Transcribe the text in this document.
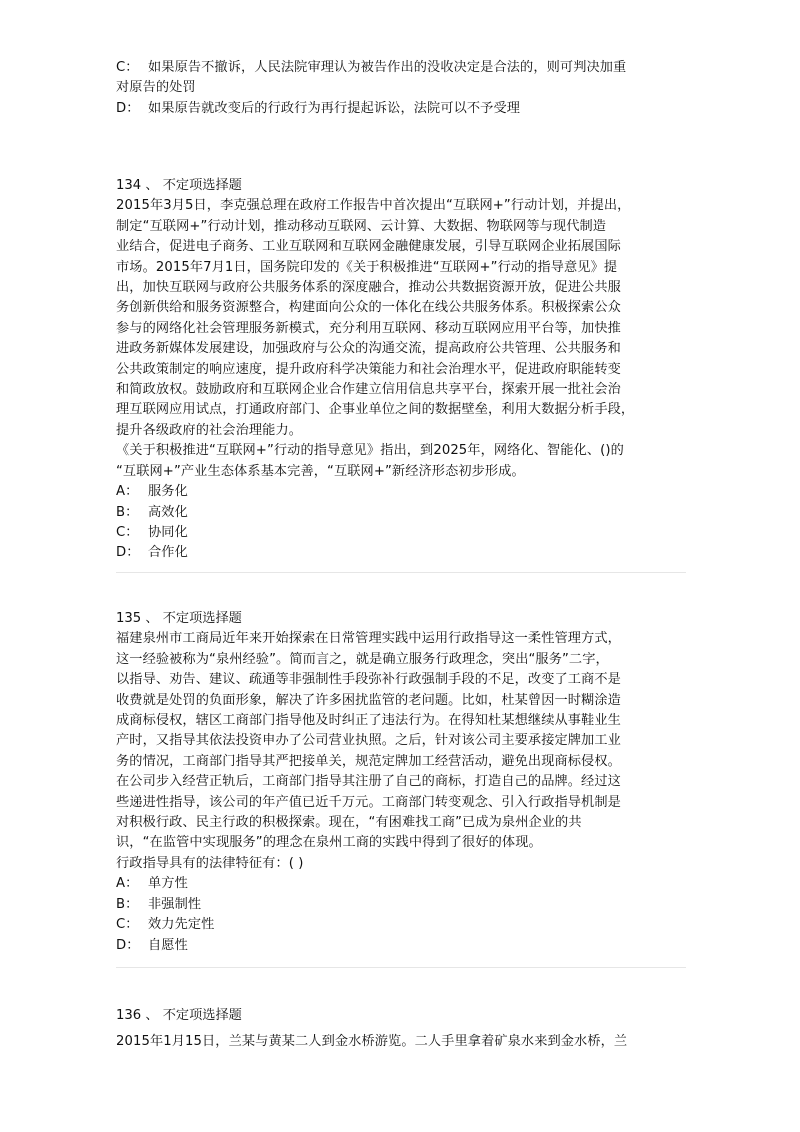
C： 如果原告不撤诉，人民法院审理认为被告作出的没收决定是合法的，则可判决加重
对原告的处罚
D： 如果原告就改变后的行政行为再行提起诉讼，法院可以不予受理
134 、 不定项选择题
2015年3月5日，李克强总理在政府工作报告中首次提出“互联网+”行动计划，并提出，
制定“互联网+”行动计划，推动移动互联网、云计算、大数据、物联网等与现代制造
业结合，促进电子商务、工业互联网和互联网金融健康发展，引导互联网企业拓展国际
市场。2015年7月1日，国务院印发的《关于积极推进“互联网+”行动的指导意见》提
出，加快互联网与政府公共服务体系的深度融合，推动公共数据资源开放，促进公共服
务创新供给和服务资源整合，构建面向公众的一体化在线公共服务体系。积极探索公众
参与的网络化社会管理服务新模式，充分利用互联网、移动互联网应用平台等，加快推
进政务新媒体发展建设，加强政府与公众的沟通交流，提高政府公共管理、公共服务和
公共政策制定的响应速度，提升政府科学决策能力和社会治理水平，促进政府职能转变
和简政放权。鼓励政府和互联网企业合作建立信用信息共享平台，探索开展一批社会治
理互联网应用试点，打通政府部门、企事业单位之间的数据壁垒，利用大数据分析手段，
提升各级政府的社会治理能力。
《关于积极推进“互联网+”行动的指导意见》指出，到2025年，网络化、智能化、()的
“互联网+”产业生态体系基本完善，“互联网+”新经济形态初步形成。
A： 服务化
B： 高效化
C： 协同化
D： 合作化
135 、 不定项选择题
福建泉州市工商局近年来开始探索在日常管理实践中运用行政指导这一柔性管理方式，
这一经验被称为“泉州经验”。简而言之，就是确立服务行政理念，突出“服务”二字，
以指导、劝告、建议、疏通等非强制性手段弥补行政强制手段的不足，改变了工商不是
收费就是处罚的负面形象，解决了许多困扰监管的老问题。比如，杜某曾因一时糊涂造
成商标侵权，辖区工商部门指导他及时纠正了违法行为。在得知杜某想继续从事鞋业生
产时，又指导其依法投资申办了公司营业执照。之后，针对该公司主要承接定牌加工业
务的情况，工商部门指导其严把接单关，规范定牌加工经营活动，避免出现商标侵权。
在公司步入经营正轨后，工商部门指导其注册了自己的商标，打造自己的品牌。经过这
些递进性指导，该公司的年产值已近千万元。工商部门转变观念、引入行政指导机制是
对积极行政、民主行政的积极探索。现在，“有困难找工商”已成为泉州企业的共
识，“在监管中实现服务”的理念在泉州工商的实践中得到了很好的体现。
行政指导具有的法律特征有：( )
A： 单方性
B： 非强制性
C： 效力先定性
D： 自愿性
136 、 不定项选择题
2015年1月15日，兰某与黄某二人到金水桥游览。二人手里拿着矿泉水来到金水桥，兰
